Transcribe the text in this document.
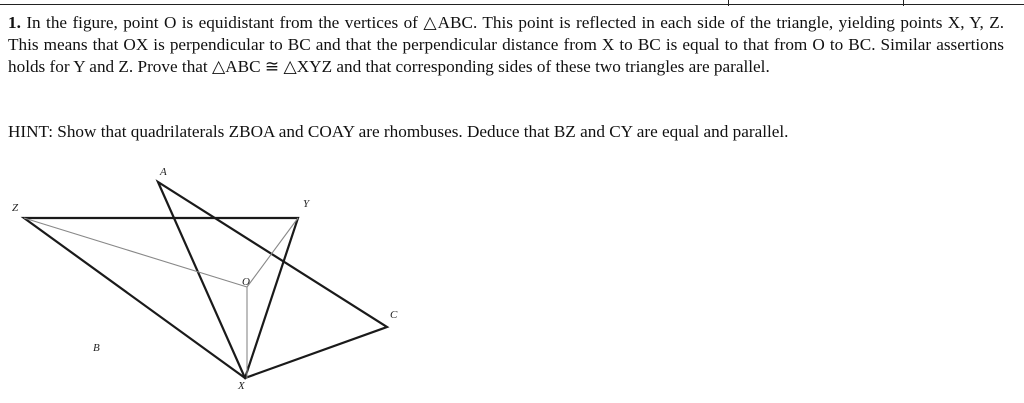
1. In the figure, point O is equidistant from the vertices of △ABC. This point is reflected in each side of the triangle, yielding points X, Y, Z. This means that OX is perpendicular to BC and that the perpendicular distance from X to BC is equal to that from O to BC. Similar assertions holds for Y and Z. Prove that △ABC ≅ △XYZ and that corresponding sides of these two triangles are parallel.
HINT: Show that quadrilaterals ZBOA and COAY are rhombuses. Deduce that BZ and CY are equal and parallel.
A
B
C
O
X
Y
Z
